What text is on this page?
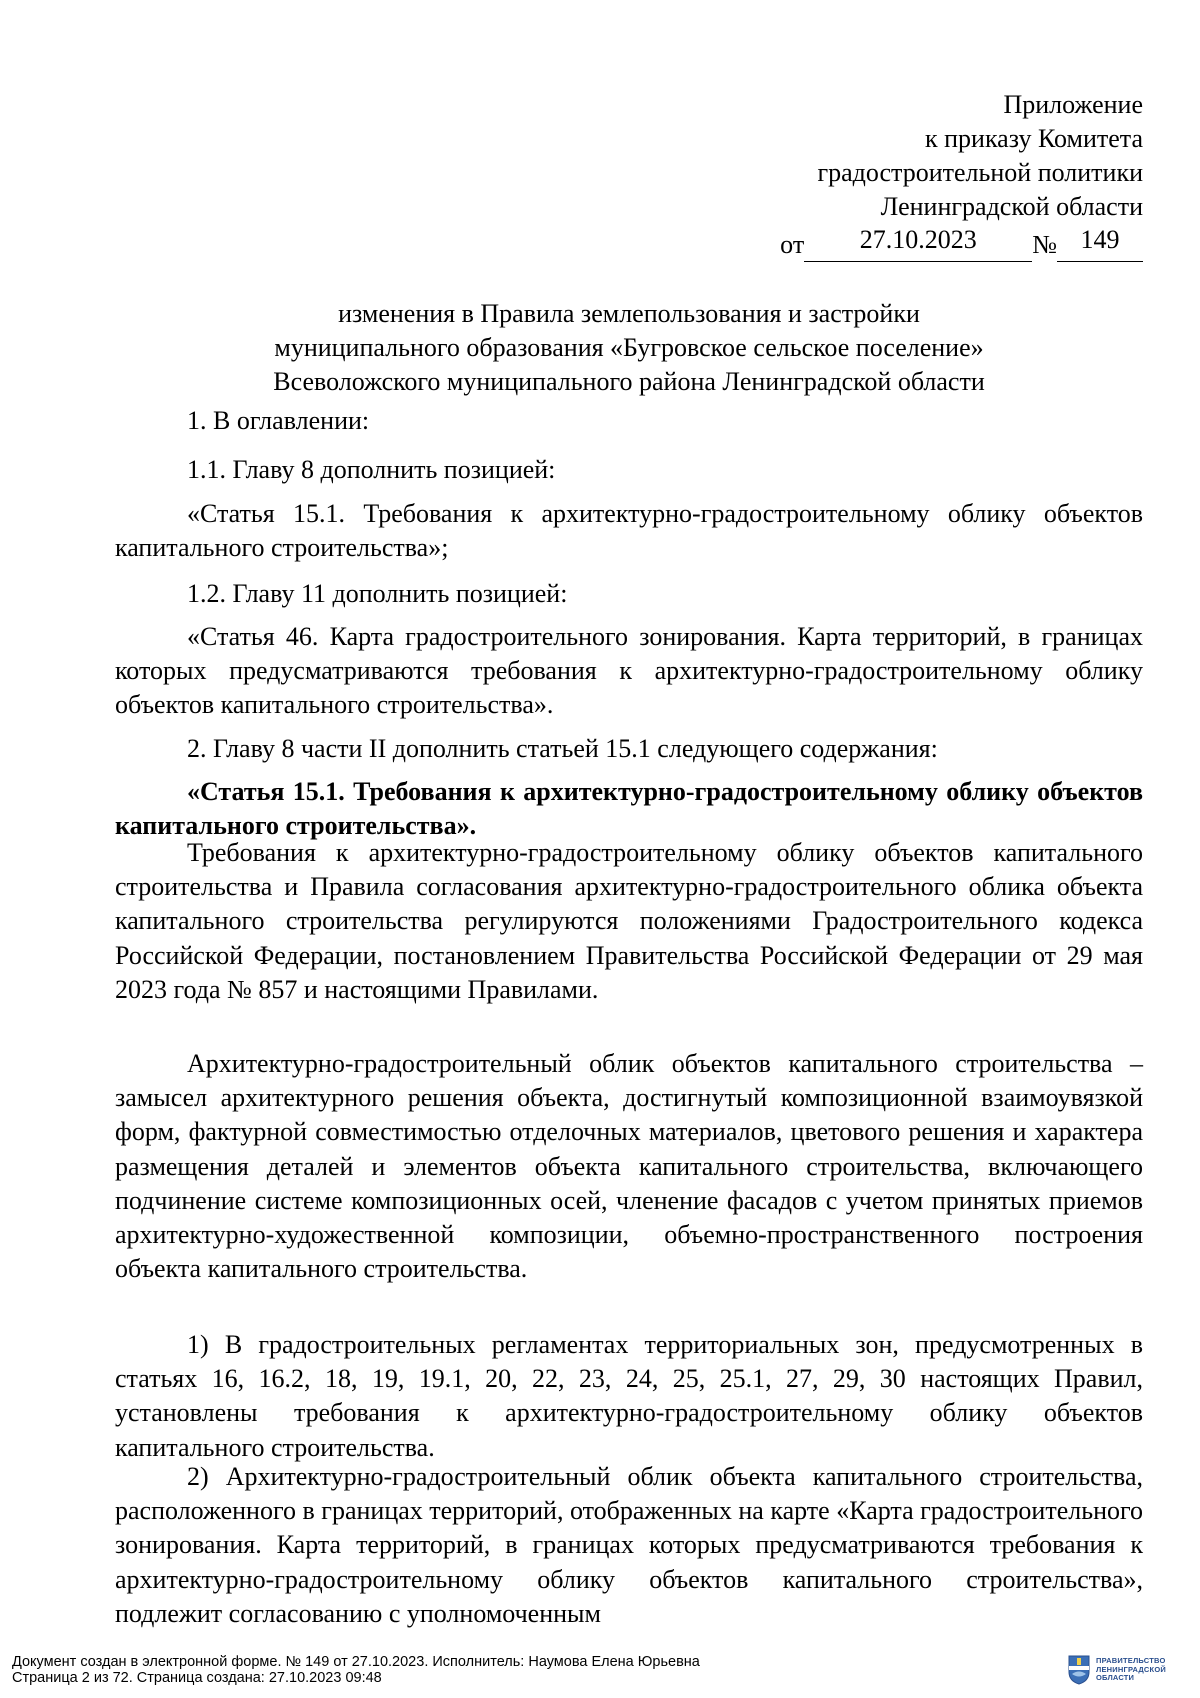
Приложение
к приказу Комитета
градостроительной политики
Ленинградской области
от	27.10.2023	№ 149
изменения в Правила землепользования и застройки
муниципального образования «Бугровское сельское поселение»
Всеволожского муниципального района Ленинградской области

1. В оглавлении:

1.1. Главу 8 дополнить позицией:

«Статья 15.1. Требования к архитектурно-градостроительному облику объектов капитального строительства»;

1.2. Главу 11 дополнить позицией:

«Статья 46. Карта градостроительного зонирования. Карта территорий, в границах которых предусматриваются требования к архитектурно-градостроительному облику объектов капитального строительства».

2. Главу 8 части II дополнить статьей 15.1 следующего содержания:

«Статья 15.1. Требования к архитектурно-градостроительному облику объектов капитального строительства».

Требования к архитектурно-градостроительному облику объектов капитального строительства и Правила согласования архитектурно-градостроительного облика объекта капитального строительства регулируются положениями Градостроительного кодекса Российской Федерации, постановлением Правительства Российской Федерации от 29 мая 2023 года № 857 и настоящими Правилами.

Архитектурно-градостроительный облик объектов капитального строительства – замысел архитектурного решения объекта, достигнутый композиционной взаимоувязкой форм, фактурной совместимостью отделочных материалов, цветового решения и характера размещения деталей и элементов объекта капитального строительства, включающего подчинение системе композиционных осей, членение фасадов с учетом принятых приемов архитектурно-художественной композиции, объемно-пространственного построения объекта капитального строительства.

1) В градостроительных регламентах территориальных зон, предусмотренных в статьях 16, 16.2, 18, 19, 19.1, 20, 22, 23, 24, 25, 25.1, 27, 29, 30 настоящих Правил, установлены требования к архитектурно-градостроительному облику объектов капитального строительства.

2) Архитектурно-градостроительный облик объекта капитального строительства, расположенного в границах территорий, отображенных на карте «Карта градостроительного зонирования. Карта территорий, в границах которых предусматриваются требования к архитектурно-градостроительному облику объектов капитального строительства», подлежит согласованию с уполномоченным

Документ создан в электронной форме. № 149 от 27.10.2023. Исполнитель: Наумова Елена Юрьевна
Страница 2 из 72. Страница создана: 27.10.2023 09:48
ПРАВИТЕЛЬСТВО
ЛЕНИНГРАДСКОЙ
ОБЛАСТИ
